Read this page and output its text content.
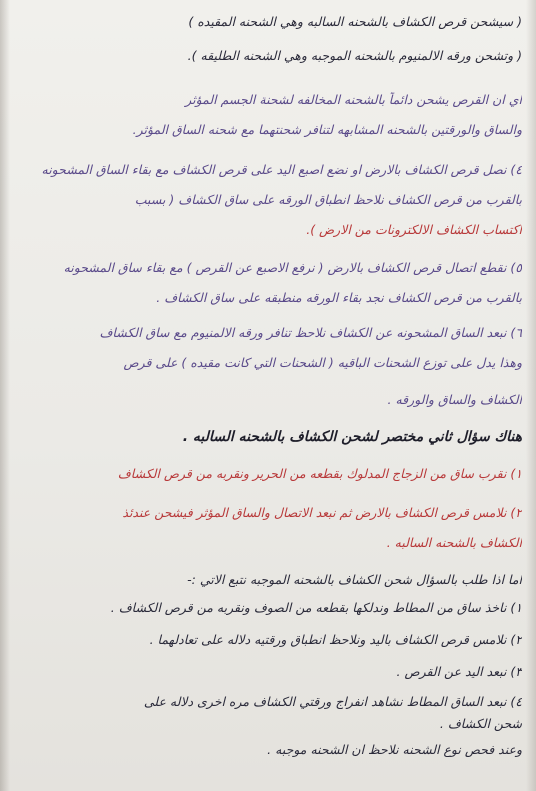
( سيشحن قرص الكشاف بالشحنه السالبه وهي الشحنه المقيده )
( وتشحن ورقه الالمنيوم بالشحنه الموجبه وهي الشحنه الطليقه ).
اي ان القرص يشحن دائماً بالشحنه المخالفه لشحنة الجسم المؤثر
والساق والورقتين بالشحنه المشابهه لتنافر شحنتهما مع شحنه الساق المؤثر.
٤) نصل قرص الكشاف بالارض او نضع اصبع اليد على قرص الكشاف مع بقاء الساق المشحونه
بالقرب من قرص الكشاف نلاحظ انطباق الورقه على ساق الكشاف ( بسبب
اكتساب الكشاف الالكترونات من الارض ).
٥) نقطع اتصال قرص الكشاف بالارض ( نرفع الاصبع عن القرص ) مع بقاء ساق المشحونه
بالقرب من قرص الكشاف نجد بقاء الورقه منطبقه على ساق الكشاف .
٦) نبعد الساق المشحونه عن الكشاف نلاحظ تنافر ورقه الالمنيوم مع ساق الكشاف
وهذا يدل على توزع الشحنات الباقيه ( الشحنات التي كانت مقيده ) على قرص
الكشاف والساق والورقه .
هناك سؤال ثاني مختصر لشحن الكشاف بالشحنه السالبه .
١) نقرب ساق من الزجاج المدلوك بقطعه من الحرير ونقربه من قرص الكشاف
٢) نلامس قرص الكشاف بالارض ثم نبعد الاتصال والساق المؤثر فيشحن عندئذ
الكشاف بالشحنه السالبه .
اما اذا طلب بالسؤال شحن الكشاف بالشحنه الموجبه نتبع الاتي :-
١) ناخذ ساق من المطاط وندلكها بقطعه من الصوف ونقربه من قرص الكشاف .
٢) نلامس قرص الكشاف باليد ونلاحظ انطباق ورقتيه دلاله على تعادلهما .
٣) نبعد اليد عن القرص .
٤) نبعد الساق المطاط نشاهد انفراج ورقتي الكشاف مره اخرى دلاله على
شحن الكشاف .
وعند فحص نوع الشحنه نلاحظ ان الشحنه موجبه .
